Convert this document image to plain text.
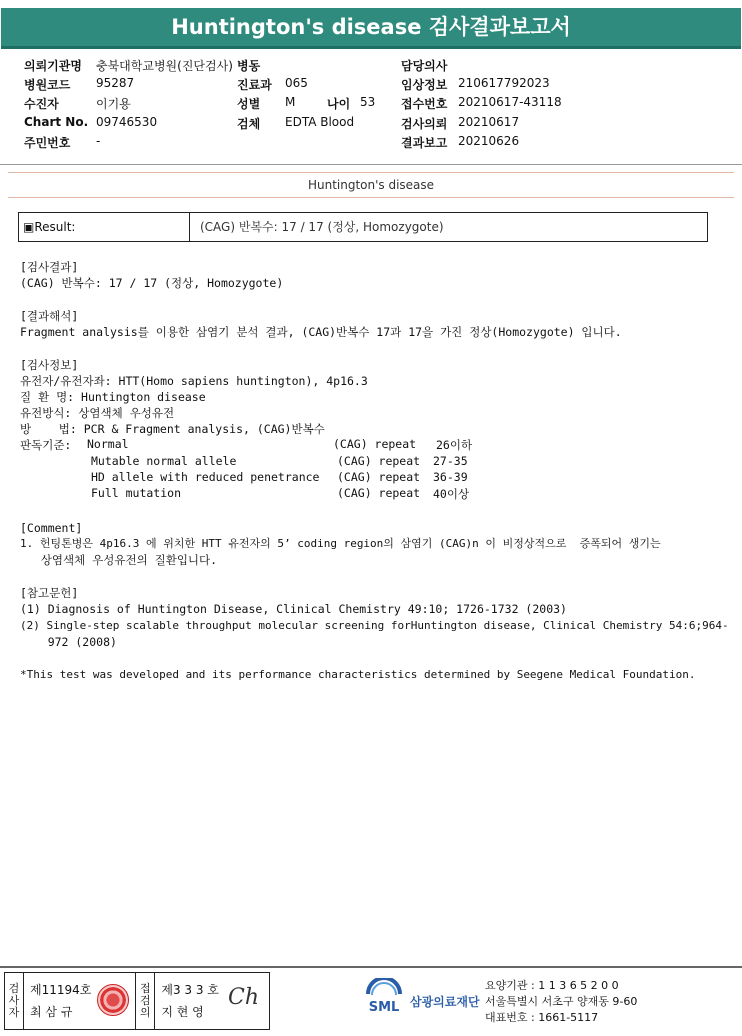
Huntington's disease 검사결과보고서
의뢰기관명 충북대학교병원(진단검사) 병동	담당의사
병원코드 95287	진료과 065	임상정보 210617792023
수진자	이기용	성별 M	나이 53 접수번호 20210617-43118
Chart No. 09746530	검체 EDTA Blood	검사의뢰 20210617
주민번호 -	결과보고 20210626
Huntington's disease
▣Result:	(CAG) 반복수: 17 / 17 (정상, Homozygote)
[검사결과]
(CAG) 반복수: 17 / 17 (정상, Homozygote)
[결과해석]
Fragment analysis를 이용한 삼염기 분석 결과, (CAG)반복수 17과 17을 가진 정상(Homozygote) 입니다.
[검사정보]
유전자/유전자좌: HTT(Homo sapiens huntington), 4p16.3
질 환 명: Huntington disease
유전방식: 상염색체 우성유전
방    법: PCR & Fragment analysis, (CAG)반복수
판독기준: Normal	(CAG) repeat 26이하
Mutable normal allele	(CAG) repeat 27-35
HD allele with reduced penetrance (CAG) repeat 36-39
Full mutation	(CAG) repeat 40이상
[Comment]
1. 헌팅톤병은 4p16.3 에 위치한 HTT 유전자의 5’ coding region의 삼염기 (CAG)n 이 비정상적으로  증폭되어 생기는
상염색체 우성유전의 질환입니다.
[참고문헌]
(1) Diagnosis of Huntington Disease, Clinical Chemistry 49:10; 1726-1732 (2003)
(2) Single-step scalable throughput molecular screening forHuntington disease, Clinical Chemistry 54:6;964-
972 (2008)
*This test was developed and its performance characteristics determined by Seegene Medical Foundation.
검
사
자
제11194호
최 삼 규
접
검
의
제3 3 3 호
지 현 영
Ch	SML 삼광의료재단
요양기관 : 1 1 3 6 5 2 0 0
서울특별시 서초구 양재동 9-60
대표번호 : 1661-5117
